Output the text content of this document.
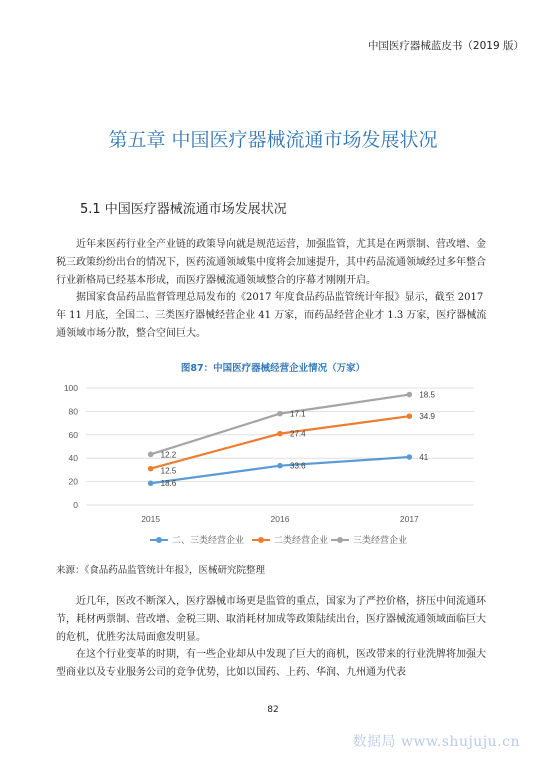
中国医疗器械蓝皮书（2019 版）
第五章 中国医疗器械流通市场发展状况
5.1 中国医疗器械流通市场发展状况

近年来医药行业全产业链的政策导向就是规范运营，加强监管，尤其是在两票制、营改增、金税三政策纷纷出台的情况下，医药流通领域集中度将会加速提升，其中药品流通领域经过多年整合行业新格局已经基本形成，而医疗器械流通领域整合的序幕才刚刚开启。

据国家食品药品监督管理总局发布的《2017 年度食品药品监管统计年报》显示，截至 2017 年 11 月底，全国二、三类医疗器械经营企业 41 万家，而药品经营企业才 1.3 万家，医疗器械流通领域市场分散，整合空间巨大。

图87：中国医疗器械经营企业情况（万家）
0
20
40
60
80
100
2015	2016	2017
18.6
33.6
41
12.5
27.4
34.9
12.2
17.1
18.5
二、三类经营企业	二类经营企业	三类经营企业
来源：《食品药品监管统计年报》，医械研究院整理

近几年，医改不断深入，医疗器械市场更是监管的重点，国家为了严控价格，挤压中间流通环节，耗材两票制、营改增、金税三期、取消耗材加成等政策陆续出台，医疗器械流通领域面临巨大的危机，优胜劣汰局面愈发明显。

在这个行业变革的时期，有一些企业却从中发现了巨大的商机，医改带来的行业洗牌将加强大型商业以及专业服务公司的竞争优势，比如以国药、上药、华润、九州通为代表

82
数据局 www.shujuju.cn
